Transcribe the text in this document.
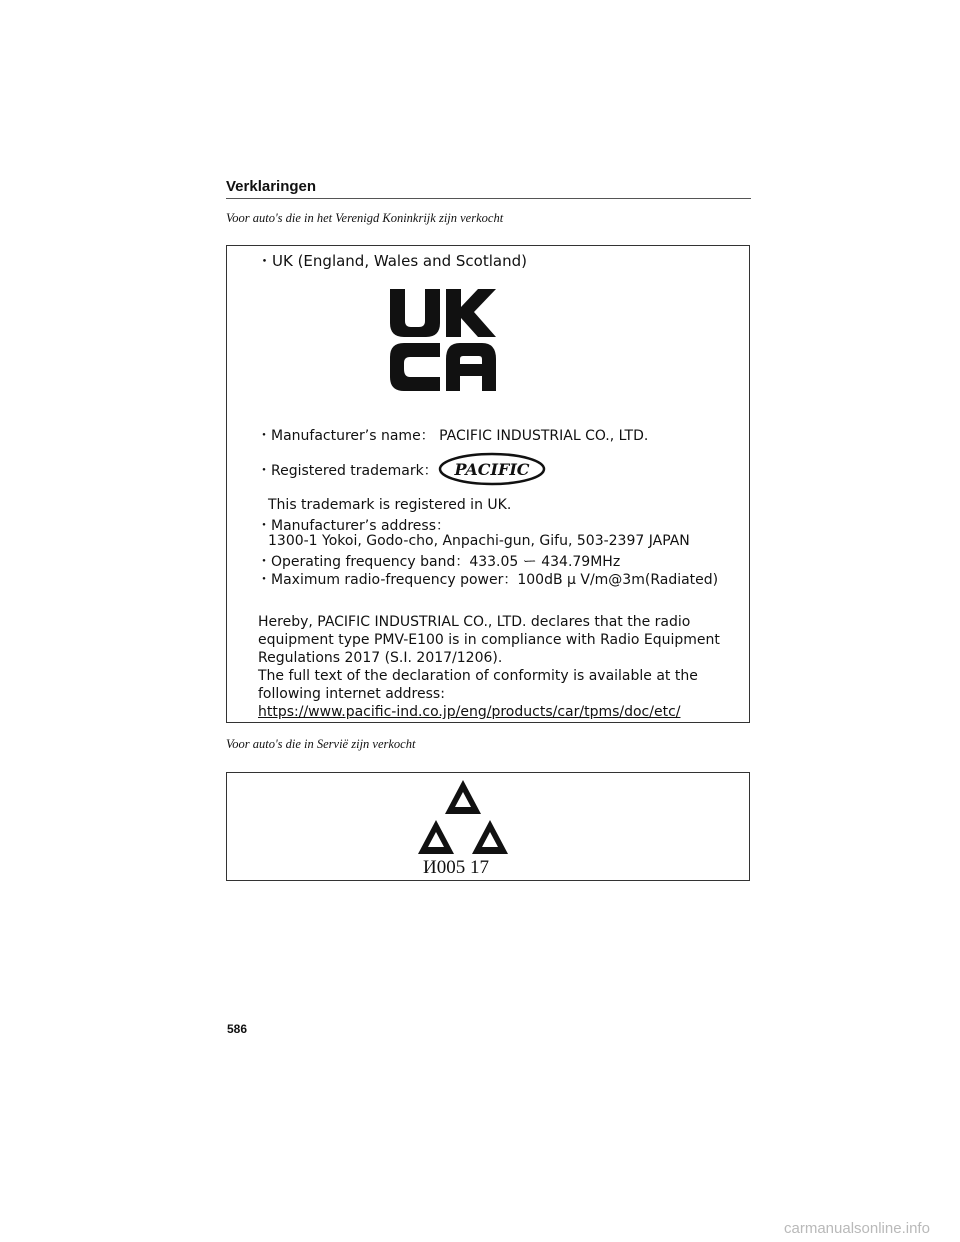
Verklaringen
Voor auto's die in het Verenigd Koninkrijk zijn verkocht
・UK (England, Wales and Scotland)
・Manufacturer’s name： PACIFIC INDUSTRIAL CO., LTD.
・Registered trademark： PACIFIC
This trademark is registered in UK.
・Manufacturer’s address：
1300-1 Yokoi, Godo-cho, Anpachi-gun, Gifu, 503-2397 JAPAN
・Operating frequency band：433.05 ー 434.79MHz
・Maximum radio-frequency power：100dB μ V/m@3m(Radiated)
Hereby, PACIFIC INDUSTRIAL CO., LTD. declares that the radio
equipment type PMV-E100 is in compliance with Radio Equipment
Regulations 2017 (S.I. 2017/1206).
The full text of the declaration of conformity is available at the
following internet address:
https://www.pacific-ind.co.jp/eng/products/car/tpms/doc/etc/
Voor auto's die in Servië zijn verkocht
И005 17
586
carmanualsonline.info
